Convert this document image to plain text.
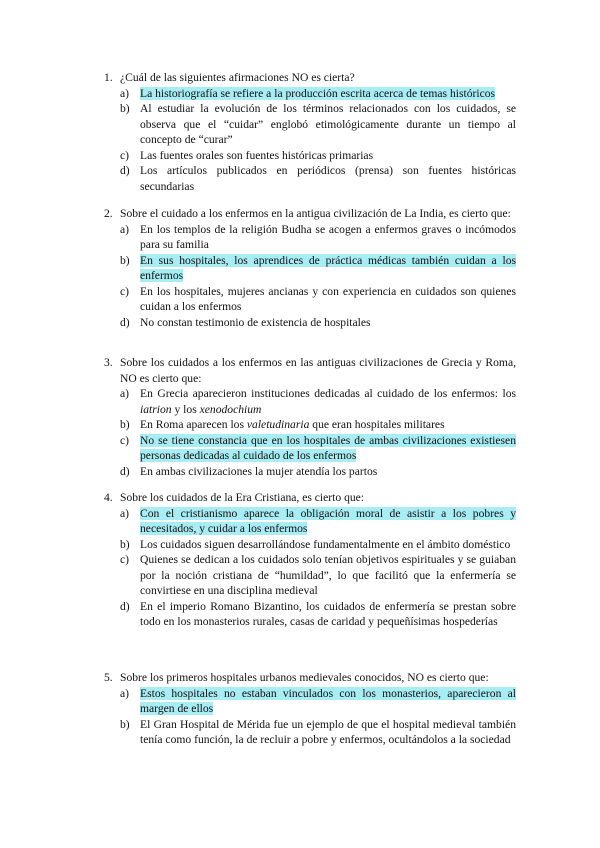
1. ¿Cuál de las siguientes afirmaciones NO es cierta?
a) La historiografía se refiere a la producción escrita acerca de temas históricos
b) Al estudiar la evolución de los términos relacionados con los cuidados, se observa que el “cuidar” englobó etimológicamente durante un tiempo al concepto de “curar”
c) Las fuentes orales son fuentes históricas primarias
d) Los artículos publicados en periódicos (prensa) son fuentes históricas secundarias
2. Sobre el cuidado a los enfermos en la antigua civilización de La India, es cierto que:
a) En los templos de la religión Budha se acogen a enfermos graves o incómodos para su familia
b) En sus hospitales, los aprendices de práctica médicas también cuidan a los enfermos
c) En los hospitales, mujeres ancianas y con experiencia en cuidados son quienes cuidan a los enfermos
d) No constan testimonio de existencia de hospitales
3. Sobre los cuidados a los enfermos en las antiguas civilizaciones de Grecia y Roma, NO es cierto que:
a) En Grecia aparecieron instituciones dedicadas al cuidado de los enfermos: los iatrion y los xenodochium
b) En Roma aparecen los valetudinaria que eran hospitales militares
c) No se tiene constancia que en los hospitales de ambas civilizaciones existiesen personas dedicadas al cuidado de los enfermos
d) En ambas civilizaciones la mujer atendía los partos
4. Sobre los cuidados de la Era Cristiana, es cierto que:
a) Con el cristianismo aparece la obligación moral de asistir a los pobres y necesitados, y cuidar a los enfermos
b) Los cuidados siguen desarrollándose fundamentalmente en el ámbito doméstico
c) Quienes se dedican a los cuidados solo tenían objetivos espirituales y se guiaban por la noción cristiana de “humildad”, lo que facilitó que la enfermería se convirtiese en una disciplina medieval
d) En el imperio Romano Bizantino, los cuidados de enfermería se prestan sobre todo en los monasterios rurales, casas de caridad y pequeñísimas hospederías
5. Sobre los primeros hospitales urbanos medievales conocidos, NO es cierto que:
a) Estos hospitales no estaban vinculados con los monasterios, aparecieron al margen de ellos
b) El Gran Hospital de Mérida fue un ejemplo de que el hospital medieval también tenía como función, la de recluir a pobre y enfermos, ocultándolos a la sociedad
